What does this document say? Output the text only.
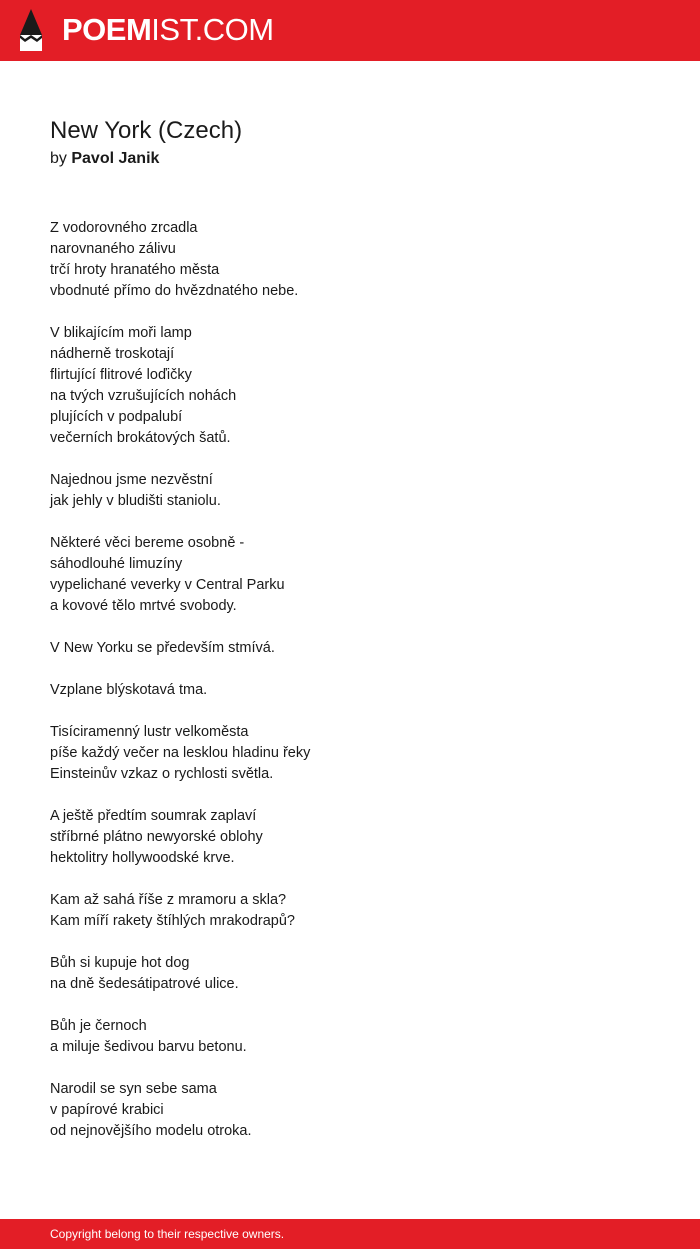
POEMIST.COM
New York (Czech)
by Pavol Janik
Z vodorovného zrcadla
narovnaného zálivu
trčí hroty hranatého města
vbodnuté přímo do hvězdnatého nebe.
V blikajícím moři lamp
nádherně troskotají
flirtující flitrové loďičky
na tvých vzrušujících nohách
plujících v podpalubí
večerních brokátových šatů.
Najednou jsme nezvěstní
jak jehly v bludišti staniolu.
Některé věci bereme osobně -
sáhodlouhé limuzíny
vypelichané veverky v Central Parku
a kovové tělo mrtvé svobody.
V New Yorku se především stmívá.
Vzplane blýskotavá tma.
Tisíciramenný lustr velkoměsta
píše každý večer na lesklou hladinu řeky
Einsteinův vzkaz o rychlosti světla.
A ještě předtím soumrak zaplaví
stříbrné plátno newyorské oblohy
hektolitry hollywoodské krve.
Kam až sahá říše z mramoru a skla?
Kam míří rakety štíhlých mrakodrapů?
Bůh si kupuje hot dog
na dně šedesátipatrové ulice.
Bůh je černoch
a miluje šedivou barvu betonu.
Narodil se syn sebe sama
v papírové krabici
od nejnovějšího modelu otroka.
Copyright belong to their respective owners.
